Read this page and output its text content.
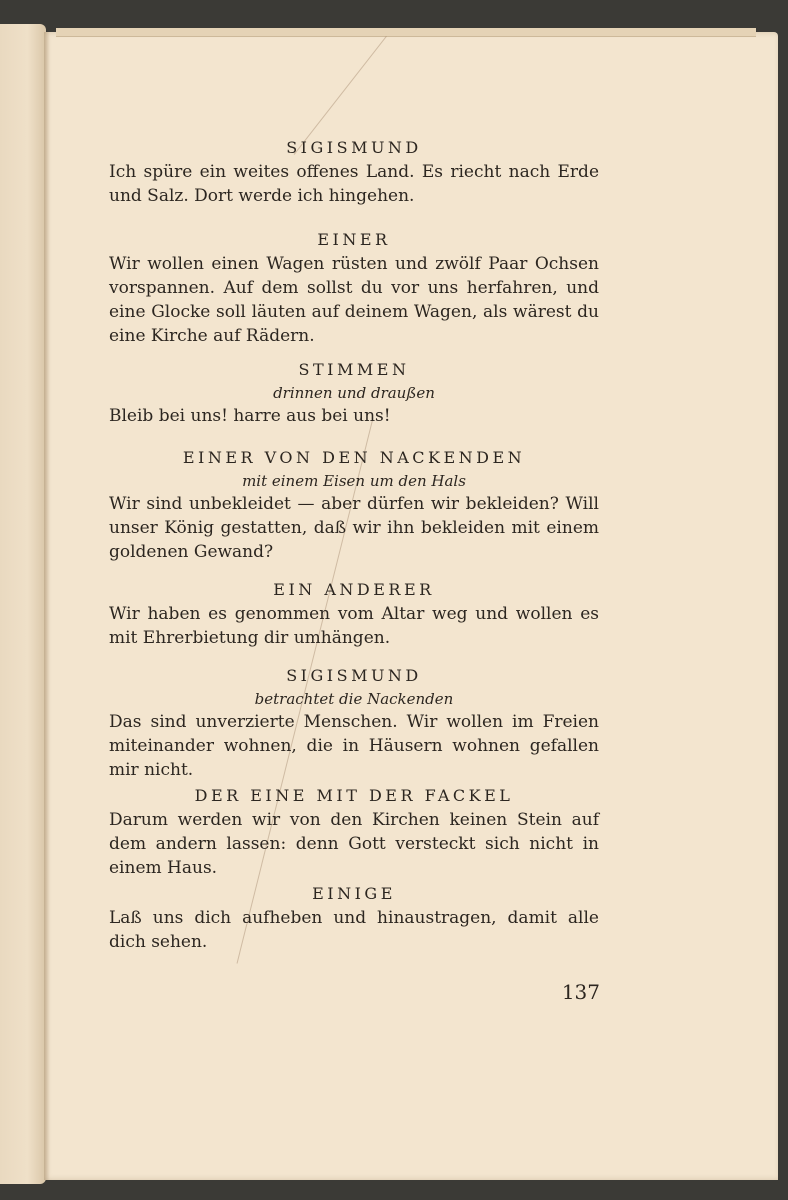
SIGISMUND
Ich spüre ein weites offenes Land. Es riecht nach Erde und Salz. Dort werde ich hingehen.
EINER
Wir wollen einen Wagen rüsten und zwölf Paar Ochsen vorspannen. Auf dem sollst du vor uns herfahren, und eine Glocke soll läuten auf deinem Wagen, als wärest du eine Kirche auf Rädern.
STIMMEN
drinnen und draußen
Bleib bei uns! harre aus bei uns!
EINER VON DEN NACKENDEN
mit einem Eisen um den Hals
Wir sind unbekleidet — aber dürfen wir bekleiden? Will unser König gestatten, daß wir ihn bekleiden mit einem goldenen Gewand?
EIN ANDERER
Wir haben es genommen vom Altar weg und wollen es mit Ehrerbietung dir umhängen.
SIGISMUND
betrachtet die Nackenden
Das sind unverzierte Menschen. Wir wollen im Freien miteinander wohnen, die in Häusern wohnen gefallen mir nicht.
DER EINE MIT DER FACKEL
Darum werden wir von den Kirchen keinen Stein auf dem andern lassen: denn Gott versteckt sich nicht in einem Haus.
EINIGE
Laß uns dich aufheben und hinaustragen, damit alle dich sehen.
137
